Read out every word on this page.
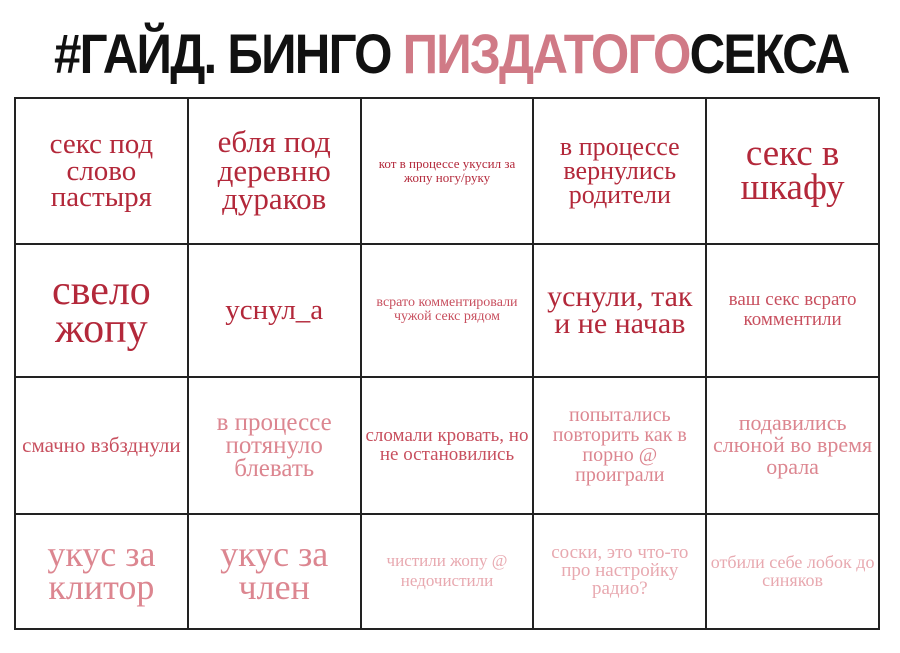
#ГАЙД. БИНГО ПИЗДАТОГОСЕКСА
секс под слово пастыря	ебля под деревню дураков	кот в процессе укусил за жопу ногу/руку	в процессе вернулись родители	секс в шкафу
свело жопу	уснул_а	всрато комментировали чужой секс рядом	уснули, так и не начав	ваш секс всрато комментили
смачно взбзднули	в процессе потянуло блевать	сломали кровать, но не остановились	попытались повторить как в порно @ проиграли	подавились слюной во время орала
укус за клитор	укус за член	чистили жопу @ недочистили	соски, это что-то про настройку радио?	отбили себе лобок до синяков
